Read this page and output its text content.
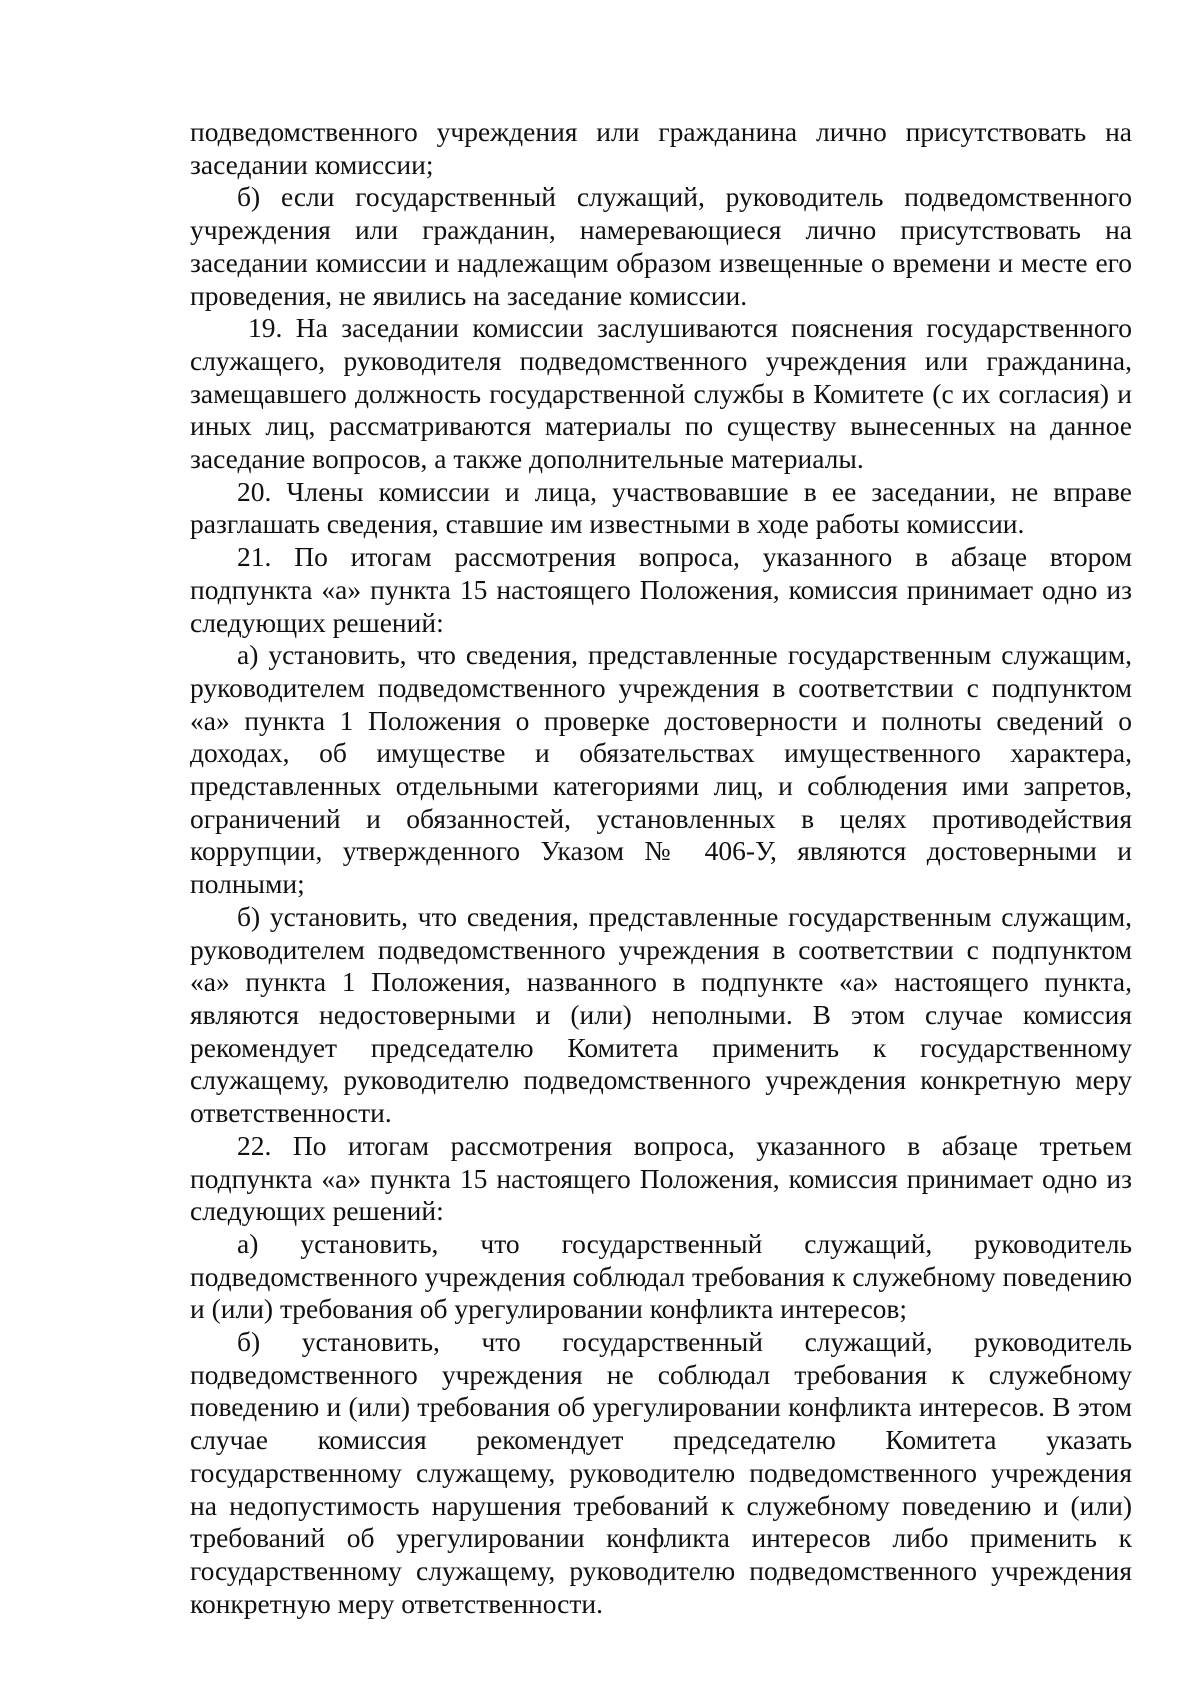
подведомственного учреждения или гражданина лично присутствовать на заседании комиссии;

б) если государственный служащий, руководитель подведомственного учреждения или гражданин, намеревающиеся лично присутствовать на заседании комиссии и надлежащим образом извещенные о времени и месте его проведения, не явились на заседание комиссии.

19. На заседании комиссии заслушиваются пояснения государственного служащего, руководителя подведомственного учреждения или гражданина, замещавшего должность государственной службы в Комитете (с их согласия) и иных лиц, рассматриваются материалы по существу вынесенных на данное заседание вопросов, а также дополнительные материалы.

20. Члены комиссии и лица, участвовавшие в ее заседании, не вправе разглашать сведения, ставшие им известными в ходе работы комиссии.

21. По итогам рассмотрения вопроса, указанного в абзаце втором подпункта «а» пункта 15 настоящего Положения, комиссия принимает одно из следующих решений:

а) установить, что сведения, представленные государственным служащим, руководителем подведомственного учреждения в соответствии с подпунктом «а» пункта 1 Положения о проверке достоверности и полноты сведений о доходах, об имуществе и обязательствах имущественного характера, представленных отдельными категориями лиц, и соблюдения ими запретов, ограничений и обязанностей, установленных в целях противодействия коррупции, утвержденного Указом № 406-У, являются достоверными и полными;

б) установить, что сведения, представленные государственным служащим, руководителем подведомственного учреждения в соответствии с подпунктом «а» пункта 1 Положения, названного в подпункте «а» настоящего пункта, являются недостоверными и (или) неполными. В этом случае комиссия рекомендует председателю Комитета применить к государственному служащему, руководителю подведомственного учреждения конкретную меру ответственности.

22. По итогам рассмотрения вопроса, указанного в абзаце третьем подпункта «а» пункта 15 настоящего Положения, комиссия принимает одно из следующих решений:

а) установить, что государственный служащий, руководитель подведомственного учреждения соблюдал требования к служебному поведению и (или) требования об урегулировании конфликта интересов;

б) установить, что государственный служащий, руководитель подведомственного учреждения не соблюдал требования к служебному поведению и (или) требования об урегулировании конфликта интересов. В этом случае комиссия рекомендует председателю Комитета указать государственному служащему, руководителю подведомственного учреждения на недопустимость нарушения требований к служебному поведению и (или) требований об урегулировании конфликта интересов либо применить к государственному служащему, руководителю подведомственного учреждения конкретную меру ответственности.
